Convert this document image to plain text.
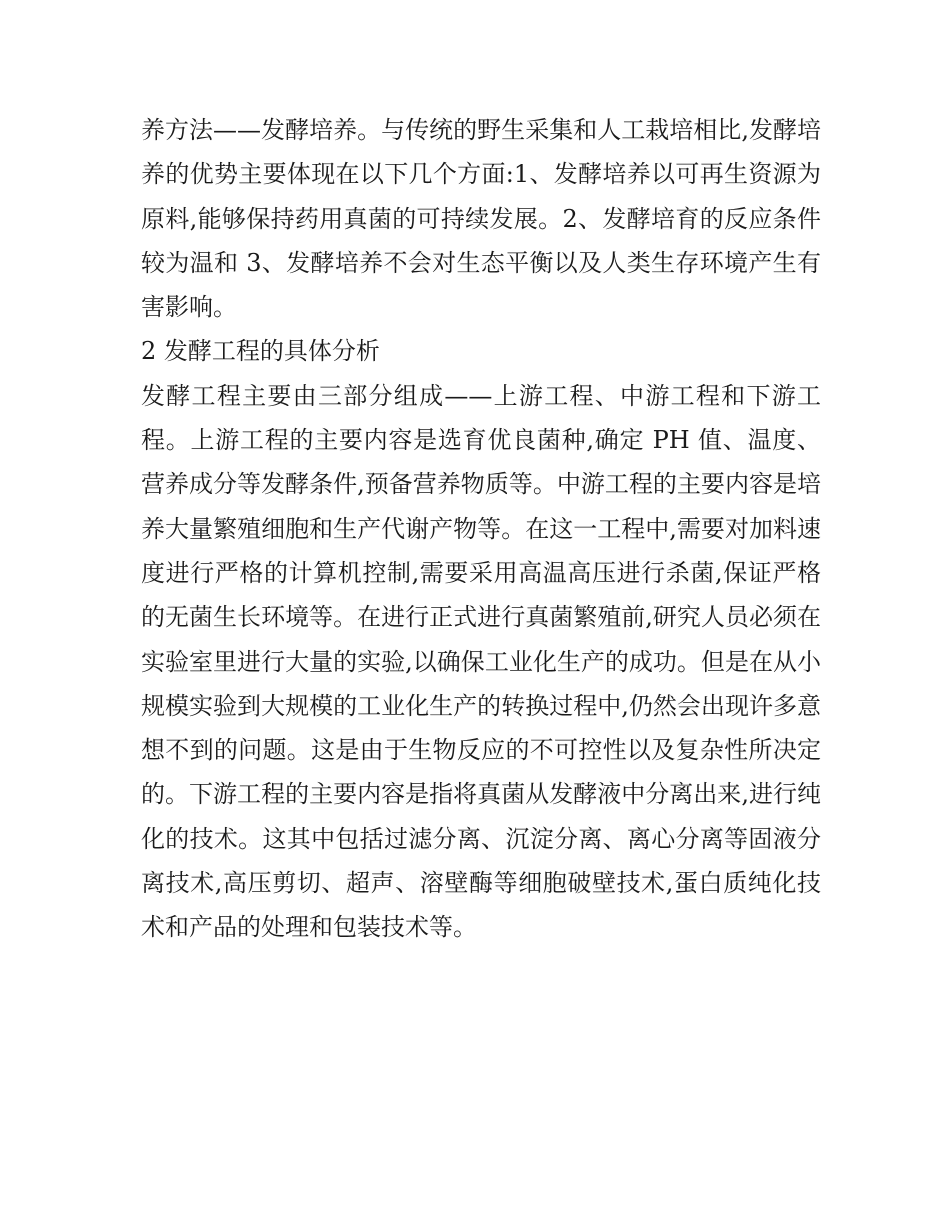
养方法——发酵培养。与传统的野生采集和人工栽培相比,发酵培养的优势主要体现在以下几个方面:1、发酵培养以可再生资源为原料,能够保持药用真菌的可持续发展。2、发酵培育的反应条件较为温和 3、发酵培养不会对生态平衡以及人类生存环境产生有害影响。

2 发酵工程的具体分析

发酵工程主要由三部分组成——上游工程、中游工程和下游工程。上游工程的主要内容是选育优良菌种,确定 PH 值、温度、营养成分等发酵条件,预备营养物质等。中游工程的主要内容是培养大量繁殖细胞和生产代谢产物等。在这一工程中,需要对加料速度进行严格的计算机控制,需要采用高温高压进行杀菌,保证严格的无菌生长环境等。在进行正式进行真菌繁殖前,研究人员必须在实验室里进行大量的实验,以确保工业化生产的成功。但是在从小规模实验到大规模的工业化生产的转换过程中,仍然会出现许多意想不到的问题。这是由于生物反应的不可控性以及复杂性所决定的。下游工程的主要内容是指将真菌从发酵液中分离出来,进行纯化的技术。这其中包括过滤分离、沉淀分离、离心分离等固液分离技术,高压剪切、超声、溶壁酶等细胞破壁技术,蛋白质纯化技术和产品的处理和包装技术等。
